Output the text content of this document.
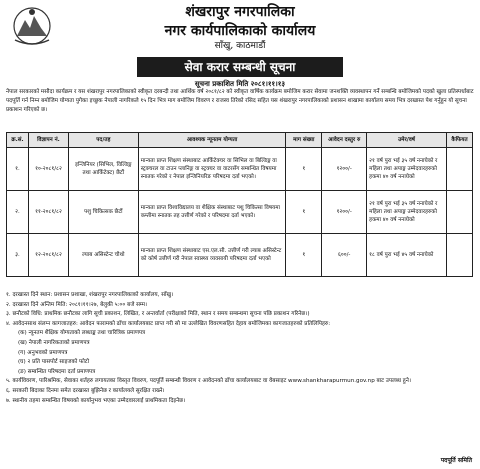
शंखरापुर नगरपालिका
नगर कार्यपालिकाको कार्यालय
साँखु, काठमाडौं
सेवा करार सम्बन्धी सूचना
सूचना प्रकाशित मिति २०८१।११।१३
नेपाल सरकारको मसौदा कार्यक्रम र यस शंखरापुर नगरपालिकाको स्वीकृत दरबन्दी तथा आर्थिक वर्ष २०८१/८२ को स्वीकृत वार्षिक कार्यक्रम बमोजिम करार सेवामा जनशक्ति व्यवस्थापन गर्ने सम्बन्धि बमोजिमको पदको खुला प्रतिस्पर्धाबाट पदपूर्ति गर्न निम्न बमोजिम योग्यता पुगेका इच्छुक नेपाली नागरिकले १५ दिन भित्र माग बमोजिम विवरण र राजस्व तिरेको रसिद सहित यस शंखरापुर नगरपालिकाको प्रशासन शाखामा कार्यालय समय भित्र दरखास्त पेश गर्नुहुन यो सूचना प्रकाशन गरिएको छ।
क्र.सं.	विज्ञापन नं.	पद/तह	आवश्यक न्यूनतम योग्यता	माग संख्या	आवेदन दस्तुर रु	उमेर/वर्ष	कैफियत
१.	१०-२०८१/८२	इन्जिनियर (सिभिल, विल्डिङ्ग तथा आर्किटेक्ट) छैटौं	मान्यता प्राप्त शिक्षण संस्थाबाट आर्किटेक्चर वा सिभिल वा बिल्डिङ्ग वा स्ट्रक्चरल वा टाउन प्लानिङ्ग वा स्ट्रक्चर वा वाटरसँग सम्बन्धित विषयमा स्नातक गरेको र नेपाल इन्जिनियरिङ परिषदमा दर्ता भएको।	१	१२००/-	२१ वर्ष पुरा भई ३५ वर्ष ननाघेको र महिला तथा अपाङ्ग उम्मेदवारहरुको हकमा ४० वर्ष ननाघेको	
२.	११-२०८१/८२	पशु चिकित्सक छैटौं	मान्यता प्राप्त विश्वविद्यालय वा शैक्षिक संस्थाबाट पशु चिकित्सा विषयमा कम्तीमा स्नातक तह उत्तीर्ण गरेको र परिषदमा दर्ता भएको।	१	१२००/-	२१ वर्ष पुरा भई ३५ वर्ष ननाघेको र महिला तथा अपाङ्ग उम्मेदवारहरुको हकमा ४० वर्ष ननाघेको	
३.	१२-२०८१/८२	ल्याब असिस्टेन्ट चौथो	मान्यता प्राप्त शिक्षण संस्थाबाट एस.एल.सी. उत्तीर्ण गरी ल्याब असिस्टेन्ट को कोर्ष उत्तीर्ण गरी नेपाल स्वास्थ्य व्यवसायी परिषदमा दर्ता भएको	१	६००/-	१८ वर्ष पुरा भई ४५ वर्ष ननाघेको	
१. दरखास्त दिने स्थान: प्रशासन प्रशाखा, शंखरापुर नगरपालिकाको कार्यालय, साँखु।
२. दरखास्त दिने अन्तिम मिति: २०८१।११।२७, बेलुकी ५:०० बजे सम्म।
३. छनौटको विधि: प्राथमिक छनौटका लागि सूची प्रकाशन, लिखित, र अन्तर्वार्ता (परीक्षाको मिति, स्थान र समय सम्बन्धमा सूचना पछि प्रकाशन गरिनेछ।)
४. आवेदनसाथ संलग्न कागजातहरु: आवेदन फारामको ढाँचा कार्यालयबाट प्राप्त गरी सो मा उल्लेखित विवरणसहित देहाय बमोजिमका कागजातहरुको प्रतिलिपिहरु:
(क) न्यूनतम शैक्षिक योग्यताको लब्धाङ्क तथा चारित्रिक प्रमाणपत्र
(ख) नेपाली नागरिकताको प्रमाणपत्र
(ग) अनुभवको प्रमाणपत्र
(घ) २ प्रति पासपोर्ट साइजको फोटो
(ङ) सम्बन्धित परिषदमा दर्ता प्रमाणपत्र
५. कार्यविवरण, पारिश्रमिक, सेवाका शर्तहरु लगायतका विस्तृत विवरण, पदपूर्ति सम्बन्धी विवरण र आवेदनको ढाँचा कार्यालयबाट वा वेबसाइट www.shankharapurmun.gov.np बाट उपलब्ध हुने।
६. सरकारी बिदाका दिनमा समेत दरखास्त बुझिनेछ र कार्यालयले सुरक्षित राख्ने।
७. स्थानीय तहमा सम्बन्धित विषयको कार्यानुभव भएका उम्मेदवारलाई प्राथमिकता दिइनेछ।
पदपूर्ति समिति
